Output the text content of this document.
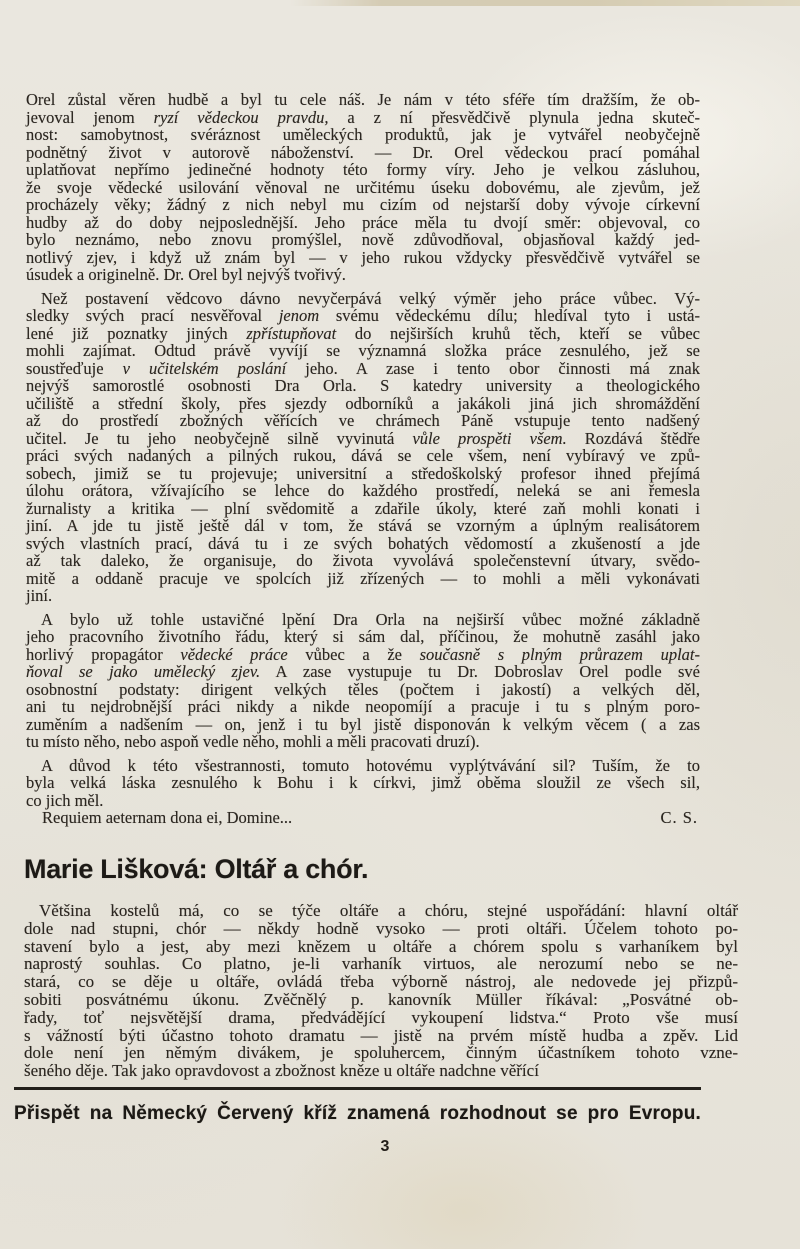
Orel zůstal věren hudbě a byl tu cele náš. Je nám v této sféře tím dražším, že ob-
jevoval jenom ryzí vědeckou pravdu, a z ní přesvědčivě plynula jedna skuteč-
nost: samobytnost, svéráznost uměleckých produktů, jak je vytvářel neobyčejně
podnětný život v autorově náboženství. — Dr. Orel vědeckou prací pomáhal
uplatňovat nepřímo jedinečné hodnoty této formy víry. Jeho je velkou zásluhou,
že svoje vědecké usilování věnoval ne určitému úseku dobovému, ale zjevům, jež
procházely věky; žádný z nich nebyl mu cizím od nejstarší doby vývoje církevní
hudby až do doby nejposlednější. Jeho práce měla tu dvojí směr: objevoval, co
bylo neznámo, nebo znovu promýšlel, nově zdůvodňoval, objasňoval každý jed-
notlivý zjev, i když už znám byl — v jeho rukou vždycky přesvědčivě vytvářel se
úsudek a originelně. Dr. Orel byl nejvýš tvořivý.
Než postavení vědcovo dávno nevyčerpává velký výměr jeho práce vůbec. Vý-
sledky svých prací nesvěřoval jenom svému vědeckému dílu; hledíval tyto i ustá-
lené již poznatky jiných zpřístupňovat do nejširších kruhů těch, kteří se vůbec
mohli zajímat. Odtud právě vyvíjí se významná složka práce zesnulého, jež se
soustřeďuje v učitelském poslání jeho. A zase i tento obor činnosti má znak
nejvýš samorostlé osobnosti Dra Orla. S katedry university a theologického
učiliště a střední školy, přes sjezdy odborníků a jakákoli jiná jich shromáždění
až do prostředí zbožných věřících ve chrámech Páně vstupuje tento nadšený
učitel. Je tu jeho neobyčejně silně vyvinutá vůle prospěti všem. Rozdává štědře
práci svých nadaných a pilných rukou, dává se cele všem, není vybíravý ve způ-
sobech, jimiž se tu projevuje; universitní a středoškolský profesor ihned přejímá
úlohu orátora, vžívajícího se lehce do každého prostředí, neleká se ani řemesla
žurnalisty a kritika — plní svědomitě a zdařile úkoly, které zaň mohli konati i
jiní. A jde tu jistě ještě dál v tom, že stává se vzorným a úplným realisátorem
svých vlastních prací, dává tu i ze svých bohatých vědomostí a zkušeností a jde
až tak daleko, že organisuje, do života vyvolává společenstevní útvary, svědo-
mitě a oddaně pracuje ve spolcích již zřízených — to mohli a měli vykonávati
jiní.
A bylo už tohle ustavičné lpění Dra Orla na nejširší vůbec možné základně
jeho pracovního životního řádu, který si sám dal, příčinou, že mohutně zasáhl jako
horlivý propagátor vědecké práce vůbec a že současně s plným průrazem uplat-
ňoval se jako umělecký zjev. A zase vystupuje tu Dr. Dobroslav Orel podle své
osobnostní podstaty: dirigent velkých těles (počtem i jakostí) a velkých děl,
ani tu nejdrobnější práci nikdy a nikde neopomíjí a pracuje i tu s plným poro-
zuměním a nadšením — on, jenž i tu byl jistě disponován k velkým věcem ( a zas
tu místo něho, nebo aspoň vedle něho, mohli a měli pracovati druzí).
A důvod k této všestrannosti, tomuto hotovému vyplýtvávání sil? Tuším, že to
byla velká láska zesnulého k Bohu i k církvi, jimž oběma sloužil ze všech sil,
co jich měl.
Requiem aeternam dona ei, Domine...	C. S.
Marie Lišková: Oltář a chór.
Většina kostelů má, co se týče oltáře a chóru, stejné uspořádání: hlavní oltář
dole nad stupni, chór — někdy hodně vysoko — proti oltáři. Účelem tohoto po-
stavení bylo a jest, aby mezi knězem u oltáře a chórem spolu s varhaníkem byl
naprostý souhlas. Co platno, je-li varhaník virtuos, ale nerozumí nebo se ne-
stará, co se děje u oltáře, ovládá třeba výborně nástroj, ale nedovede jej přizpů-
sobiti posvátnému úkonu. Zvěčnělý p. kanovník Müller říkával: „Posvátné ob-
řady, toť nejsvětější drama, předvádějící vykoupení lidstva.“ Proto vše musí
s vážností býti účastno tohoto dramatu — jistě na prvém místě hudba a zpěv. Lid
dole není jen němým divákem, je spoluhercem, činným účastníkem tohoto vzne-
šeného děje. Tak jako opravdovost a zbožnost kněze u oltáře nadchne věřící
Přispět na Německý Červený kříž znamená rozhodnout se pro Evropu.
3
